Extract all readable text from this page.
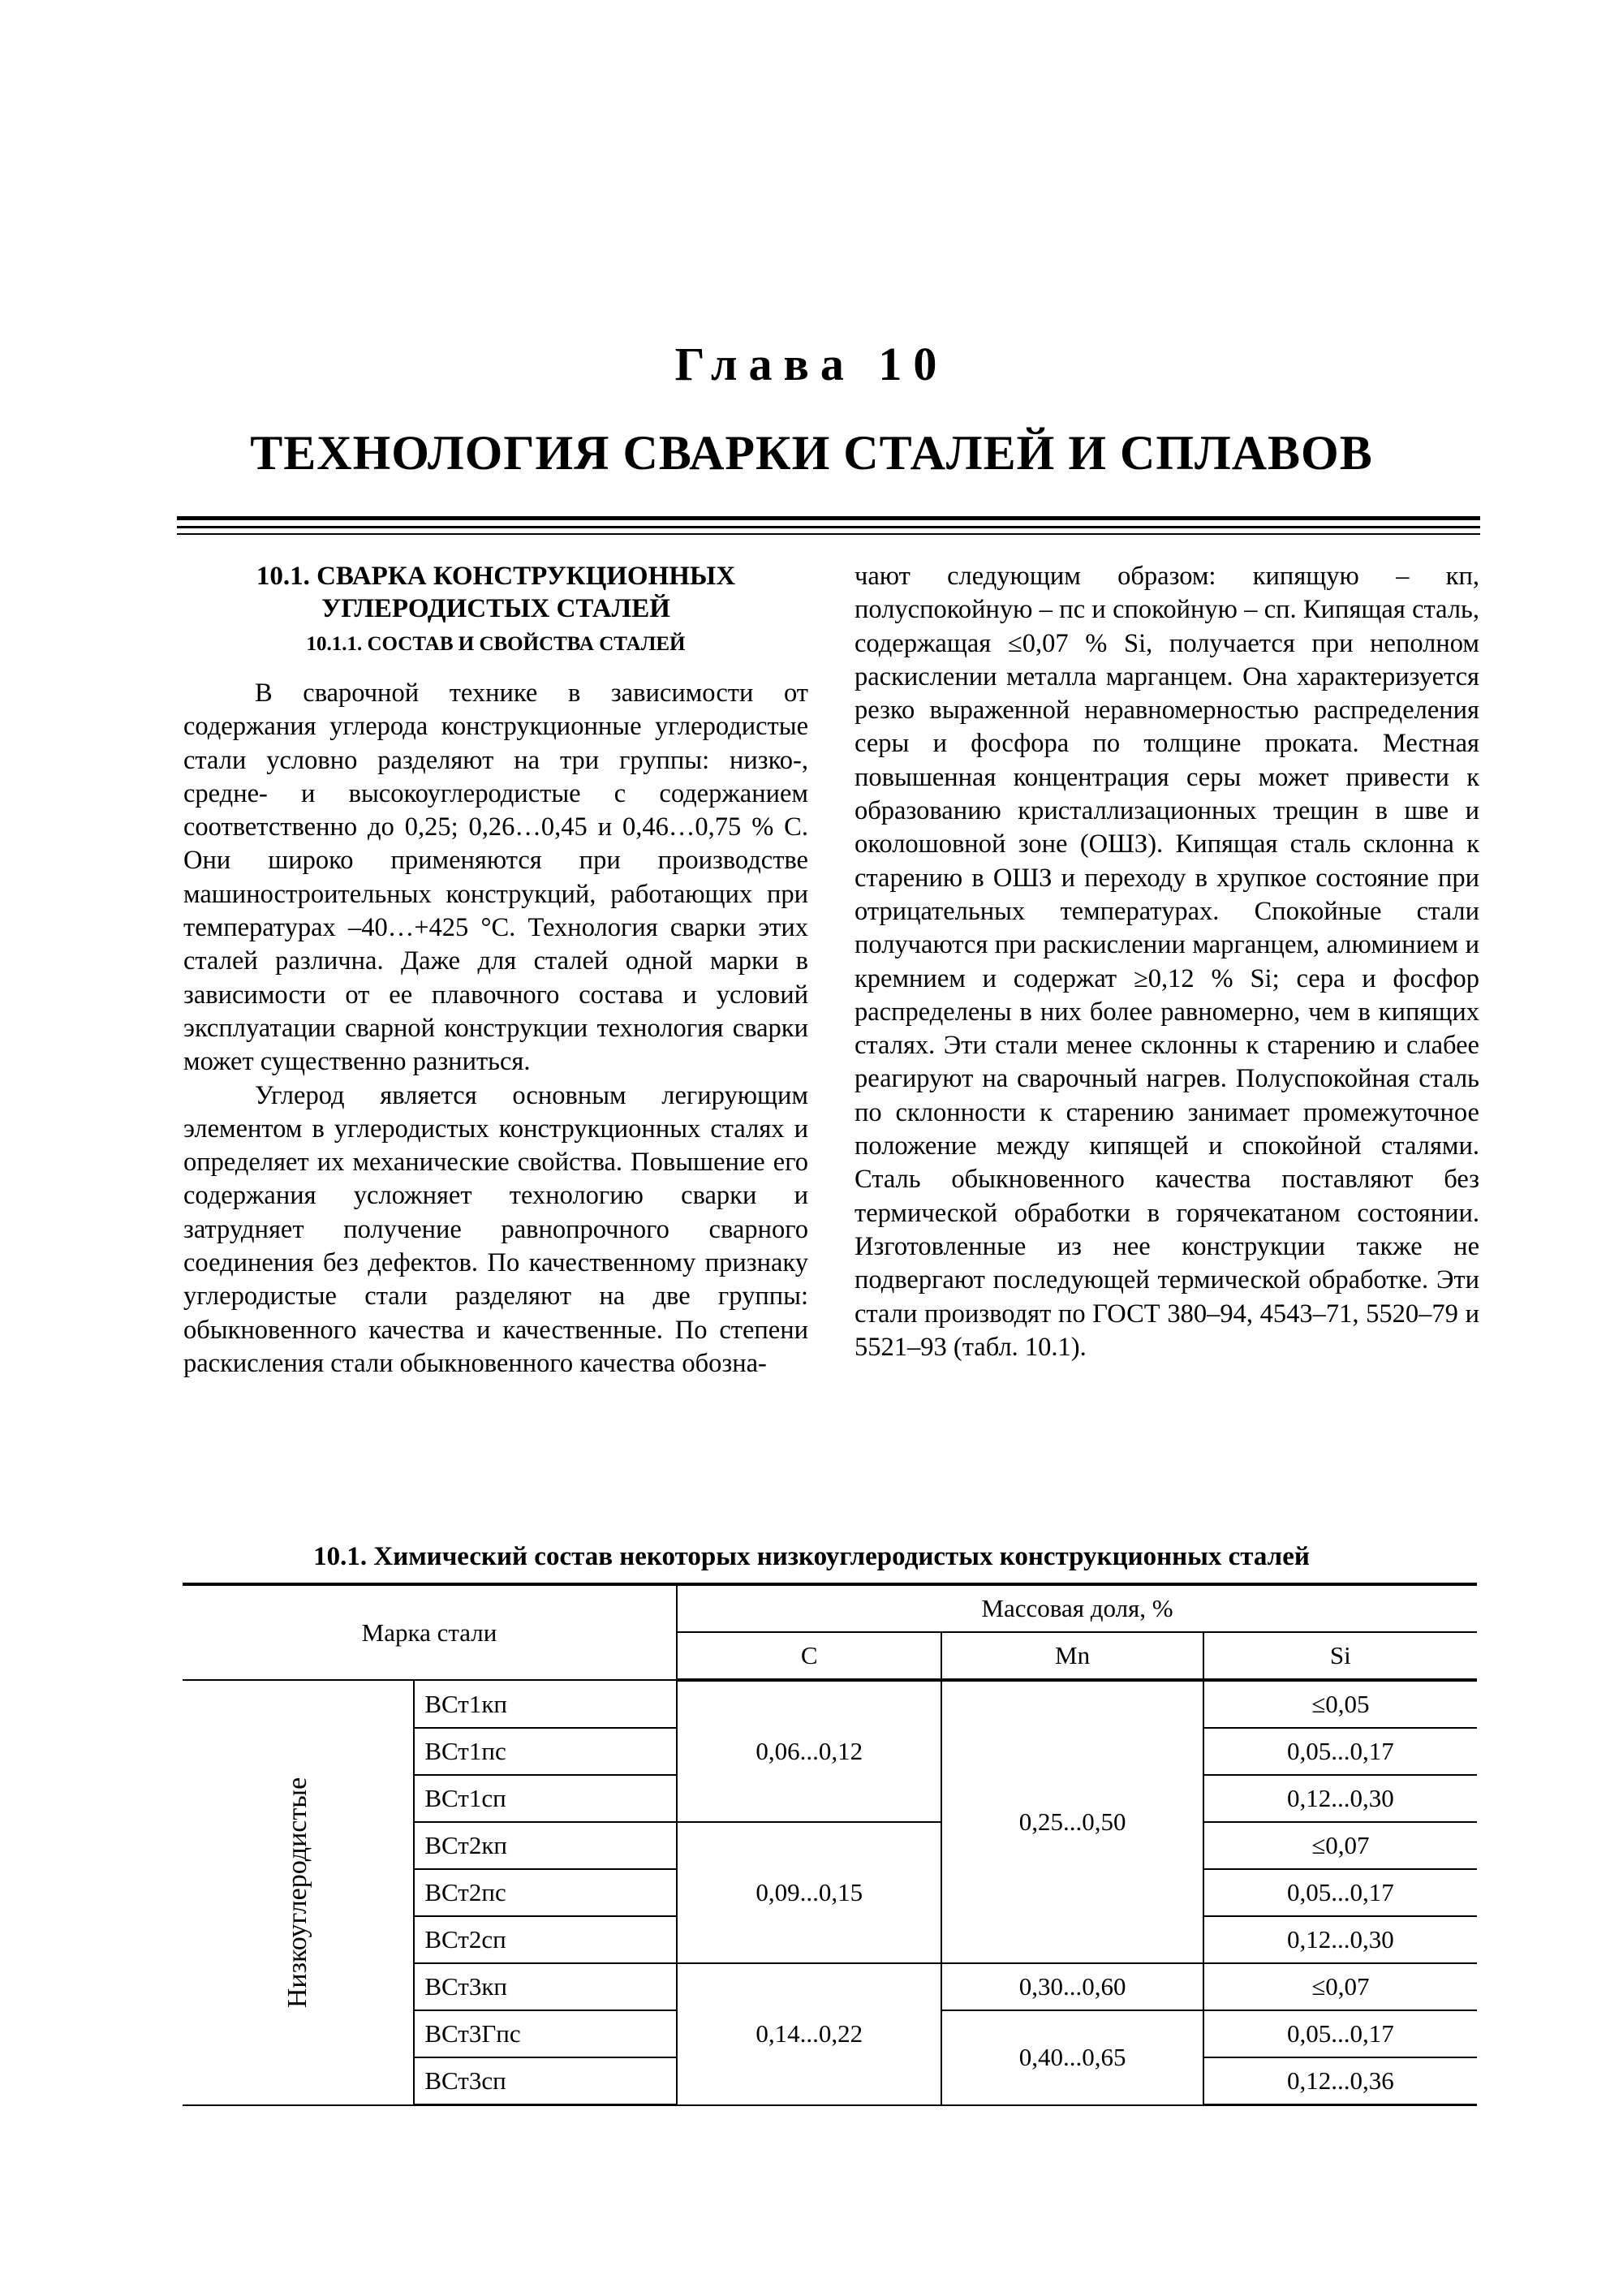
Глава 10
ТЕХНОЛОГИЯ СВАРКИ СТАЛЕЙ И СПЛАВОВ
10.1. СВАРКА КОНСТРУКЦИОННЫХ
УГЛЕРОДИСТЫХ СТАЛЕЙ
10.1.1. СОСТАВ И СВОЙСТВА СТАЛЕЙ

В сварочной технике в зависимости от содержания углерода конструкционные углеродистые стали условно разделяют на три группы: низко-, средне- и высокоуглеродистые с содержанием соответственно до 0,25; 0,26…0,45 и 0,46…0,75 % С. Они широко применяются при производстве машиностроительных конструкций, работающих при температурах –40…+425 °С. Технология сварки этих сталей различна. Даже для сталей одной марки в зависимости от ее плавочного состава и условий эксплуатации сварной конструкции технология сварки может существенно разниться.

Углерод является основным легирующим элементом в углеродистых конструкционных сталях и определяет их механические свойства. Повышение его содержания усложняет технологию сварки и затрудняет получение равнопрочного сварного соединения без дефектов. По качественному признаку углеродистые стали разделяют на две группы: обыкновенного качества и качественные. По степени раскисления стали обыкновенного качества обозна-

чают следующим образом: кипящую – кп, полуспокойную – пс и спокойную – сп. Кипящая сталь, содержащая ≤0,07 % Si, получается при неполном раскислении металла марганцем. Она характеризуется резко выраженной неравномерностью распределения серы и фосфора по толщине проката. Местная повышенная концентрация серы может привести к образованию кристаллизационных трещин в шве и околошовной зоне (ОШЗ). Кипящая сталь склонна к старению в ОШЗ и переходу в хрупкое состояние при отрицательных температурах. Спокойные стали получаются при раскислении марганцем, алюминием и кремнием и содержат ≥0,12 % Si; сера и фосфор распределены в них более равномерно, чем в кипящих сталях. Эти стали менее склонны к старению и слабее реагируют на сварочный нагрев. Полуспокойная сталь по склонности к старению занимает промежуточное положение между кипящей и спокойной сталями. Сталь обыкновенного качества поставляют без термической обработки в горячекатаном состоянии. Изготовленные из нее конструкции также не подвергают последующей термической обработке. Эти стали производят по ГОСТ 380–94, 4543–71, 5520–79 и 5521–93 (табл. 10.1).

10.1. Химический состав некоторых низкоуглеродистых конструкционных сталей
Марка стали		Массовая доля, %		
		C	Mn	Si
Низкоуглеродистые	ВСт1кп	0,06...0,12	0,25...0,50	≤0,05
	ВСт1пс			0,05...0,17
	ВСт1сп			0,12...0,30
	ВСт2кп	0,09...0,15		≤0,07
	ВСт2пс			0,05...0,17
	ВСт2сп			0,12...0,30
	ВСт3кп	0,14...0,22	0,30...0,60	≤0,07
	ВСт3Гпс		0,40...0,65	0,05...0,17
	ВСт3сп			0,12...0,36
